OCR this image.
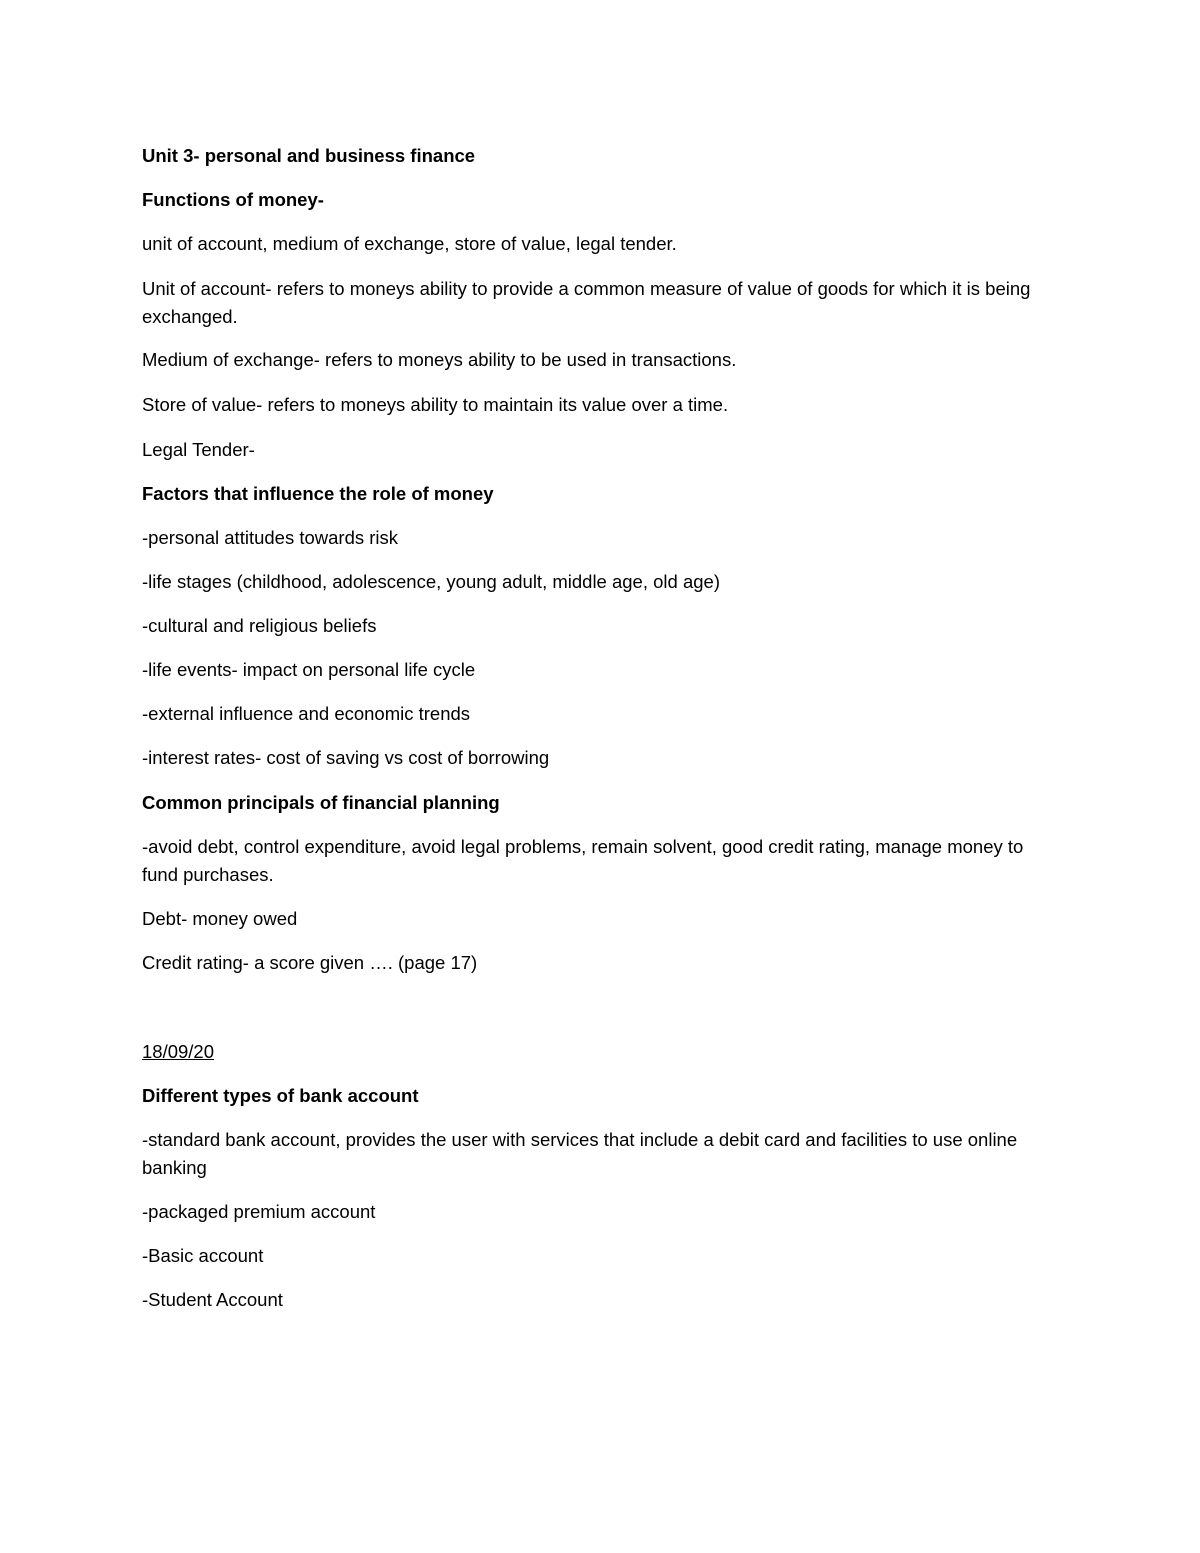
Unit 3- personal and business finance
Functions of money-
unit of account, medium of exchange, store of value, legal tender.
Unit of account- refers to moneys ability to provide a common measure of value of goods for which it is being exchanged.
Medium of exchange- refers to moneys ability to be used in transactions.
Store of value- refers to moneys ability to maintain its value over a time.
Legal Tender-
Factors that influence the role of money
-personal attitudes towards risk
-life stages (childhood, adolescence, young adult, middle age, old age)
-cultural and religious beliefs
-life events- impact on personal life cycle
-external influence and economic trends
-interest rates- cost of saving vs cost of borrowing
Common principals of financial planning
-avoid debt, control expenditure, avoid legal problems, remain solvent, good credit rating, manage money to fund purchases.
Debt- money owed
Credit rating- a score given …. (page 17)
18/09/20
Different types of bank account
-standard bank account, provides the user with services that include a debit card and facilities to use online banking
-packaged premium account
-Basic account
-Student Account
